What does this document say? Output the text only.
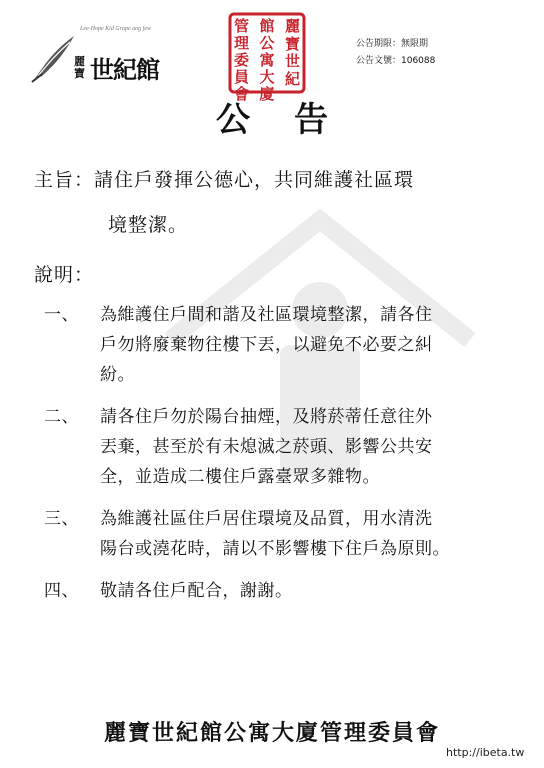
Lee-Hope Kid Grape ang few
麗寶 世紀館
麗
寶
世
紀
館
公
寓
大
廈
管
理
委
員
會
公告期限：無限期
公告文號：106088
公告
主旨：請住戶發揮公德心，共同維護社區環
境整潔。
說明：
一、	為維護住戶間和諧及社區環境整潔，請各住
戶勿將廢棄物往樓下丟，以避免不必要之糾
紛。
二、	請各住戶勿於陽台抽煙，及將菸蒂任意往外
丟棄，甚至於有未熄滅之菸頭、影響公共安
全，並造成二樓住戶露臺眾多雜物。
三、	為維護社區住戶居住環境及品質，用水清洗
陽台或澆花時，請以不影響樓下住戶為原則。
四、	敬請各住戶配合，謝謝。
麗寶世紀館公寓大廈管理委員會
http://ibeta.tw
